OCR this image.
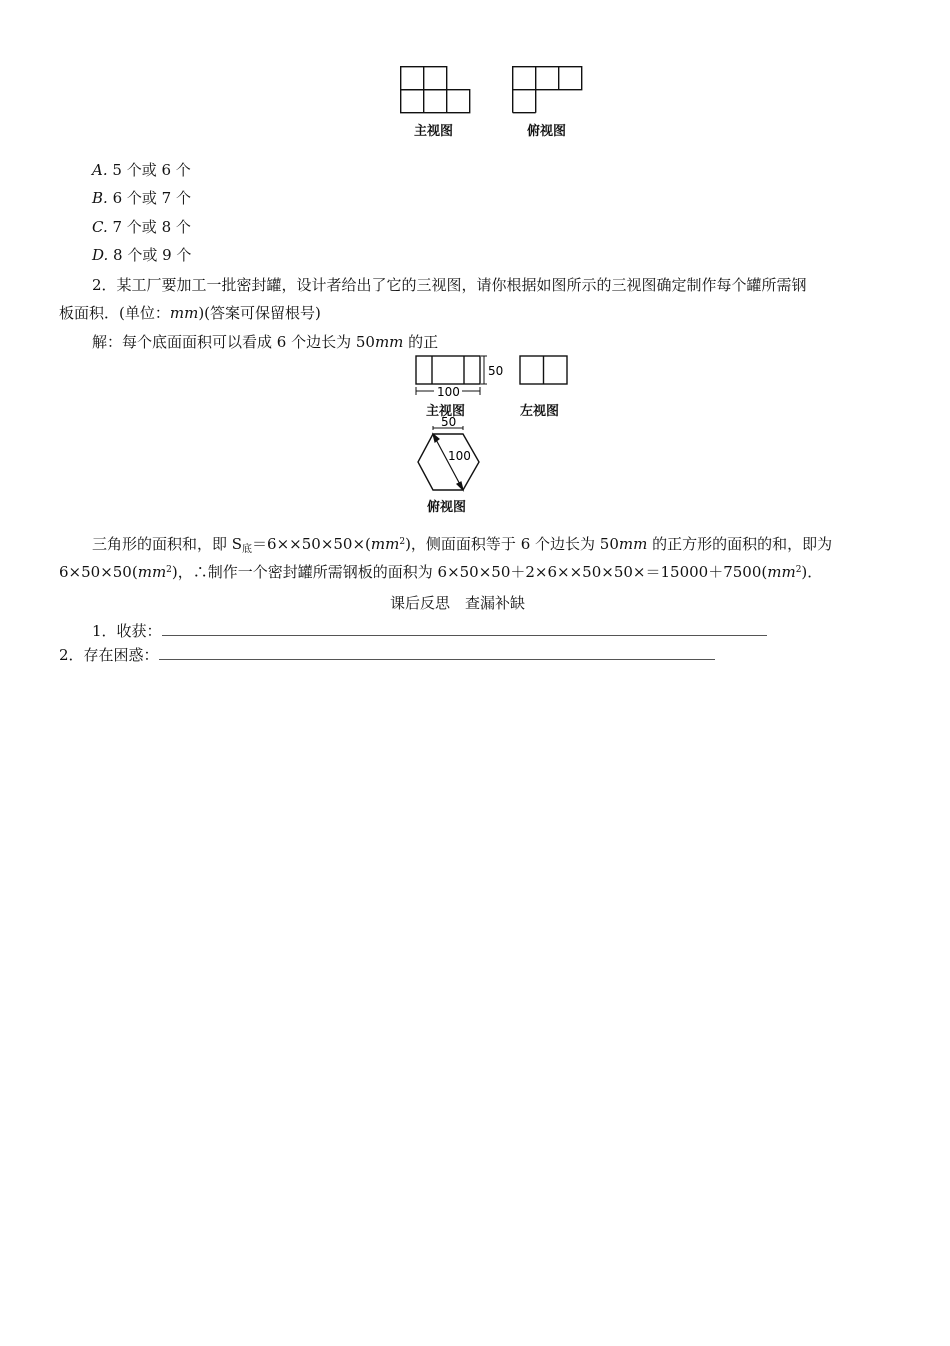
主视图	俯视图
A. 5 个或 6 个
B. 6 个或 7 个
C. 7 个或 8 个
D. 8 个或 9 个
2．某工厂要加工一批密封罐，设计者给出了它的三视图，请你根据如图所示的三视图确定制作每个罐所需钢
板面积．(单位：mm)(答案可保留根号)
解：每个底面面积可以看成 6 个边长为 50mm 的正
50
100
主视图	左视图
50
100
俯视图
三角形的面积和，即 $S_底=6\times\times 50\times 50\times(mm^2)$，侧面面积等于 6 个边长为 50mm 的正方形的面积的和，即为
$6\times 50\times 50(mm^2)$，∴制作一个密封罐所需钢板的面积为 $6\times 50\times 50+2\times 6\times\times 50\times 50\times=15000+7500(mm^2)$．
课后反思　查漏补缺
1．收获：
2．存在困惑：
